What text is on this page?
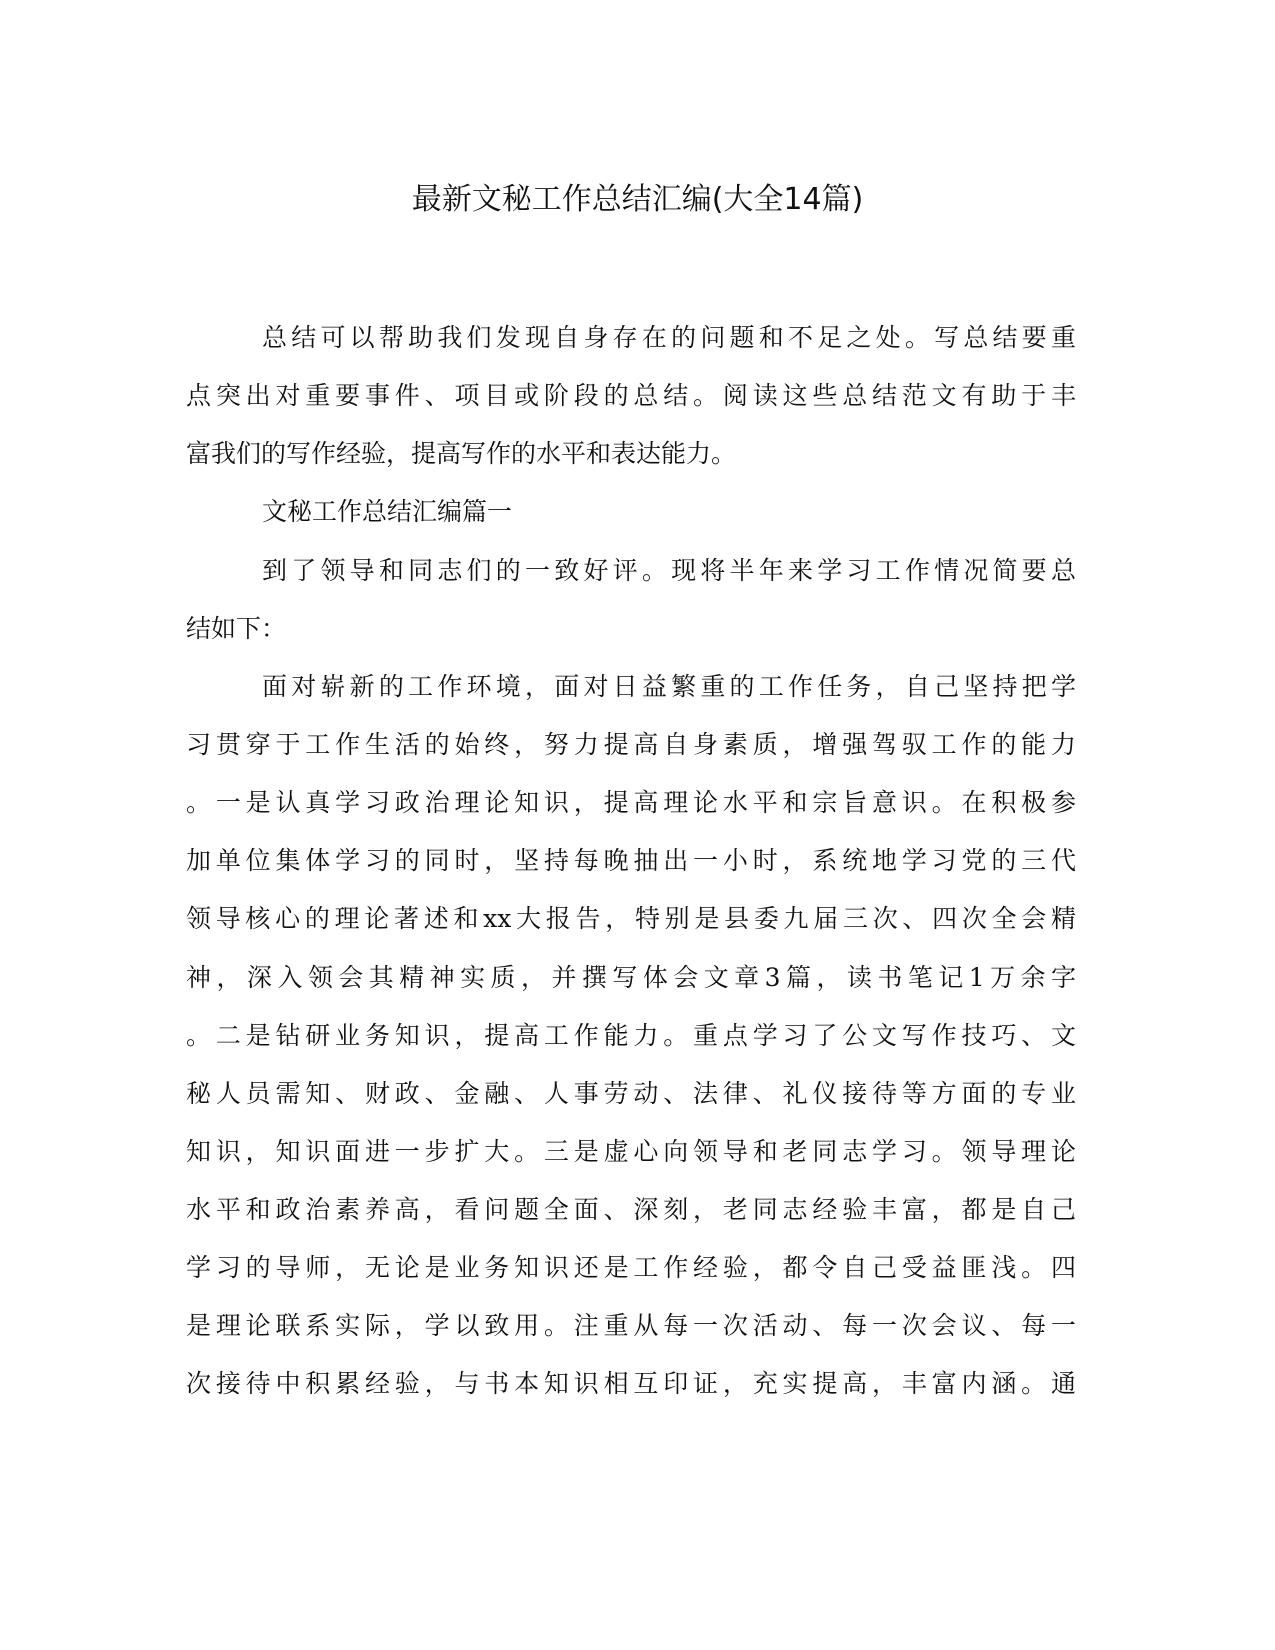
最新文秘工作总结汇编(大全14篇)
总结可以帮助我们发现自身存在的问题和不足之处。写总结要重
点突出对重要事件、项目或阶段的总结。阅读这些总结范文有助于丰
富我们的写作经验，提高写作的水平和表达能力。
文秘工作总结汇编篇一
到了领导和同志们的一致好评。现将半年来学习工作情况简要总
结如下：
面对崭新的工作环境，面对日益繁重的工作任务，自己坚持把学
习贯穿于工作生活的始终，努力提高自身素质，增强驾驭工作的能力
。一是认真学习政治理论知识，提高理论水平和宗旨意识。在积极参
加单位集体学习的同时，坚持每晚抽出一小时，系统地学习党的三代
领导核心的理论著述和xx大报告，特别是县委九届三次、四次全会精
神，深入领会其精神实质，并撰写体会文章3篇，读书笔记1万余字
。二是钻研业务知识，提高工作能力。重点学习了公文写作技巧、文
秘人员需知、财政、金融、人事劳动、法律、礼仪接待等方面的专业
知识，知识面进一步扩大。三是虚心向领导和老同志学习。领导理论
水平和政治素养高，看问题全面、深刻，老同志经验丰富，都是自己
学习的导师，无论是业务知识还是工作经验，都令自己受益匪浅。四
是理论联系实际，学以致用。注重从每一次活动、每一次会议、每一
次接待中积累经验，与书本知识相互印证，充实提高，丰富内涵。通
